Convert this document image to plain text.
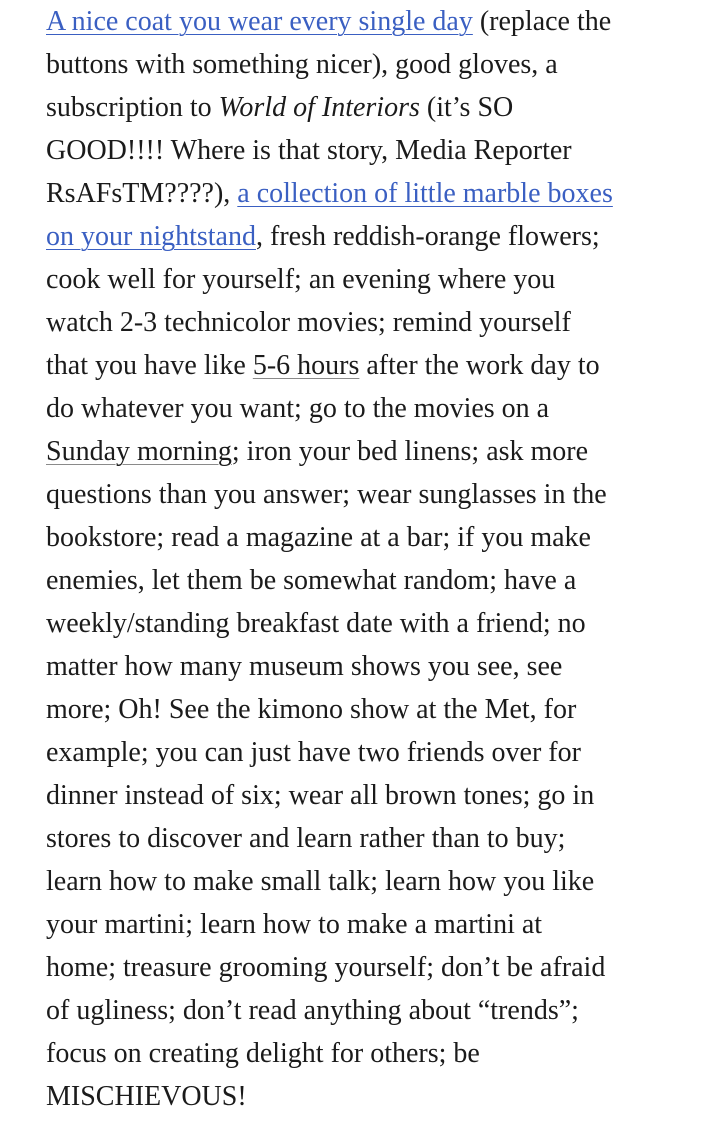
A nice coat you wear every single day (replace the
buttons with something nicer), good gloves, a
subscription to World of Interiors (it’s SO
GOOD!!!! Where is that story, Media Reporter
RsAFsTM????), a collection of little marble boxes
on your nightstand, fresh reddish-orange flowers;
cook well for yourself; an evening where you
watch 2-3 technicolor movies; remind yourself
that you have like 5-6 hours after the work day to
do whatever you want; go to the movies on a
Sunday morning; iron your bed linens; ask more
questions than you answer; wear sunglasses in the
bookstore; read a magazine at a bar; if you make
enemies, let them be somewhat random; have a
weekly/standing breakfast date with a friend; no
matter how many museum shows you see, see
more; Oh! See the kimono show at the Met, for
example; you can just have two friends over for
dinner instead of six; wear all brown tones; go in
stores to discover and learn rather than to buy;
learn how to make small talk; learn how you like
your martini; learn how to make a martini at
home; treasure grooming yourself; don’t be afraid
of ugliness; don’t read anything about “trends”;
focus on creating delight for others; be
MISCHIEVOUS!
